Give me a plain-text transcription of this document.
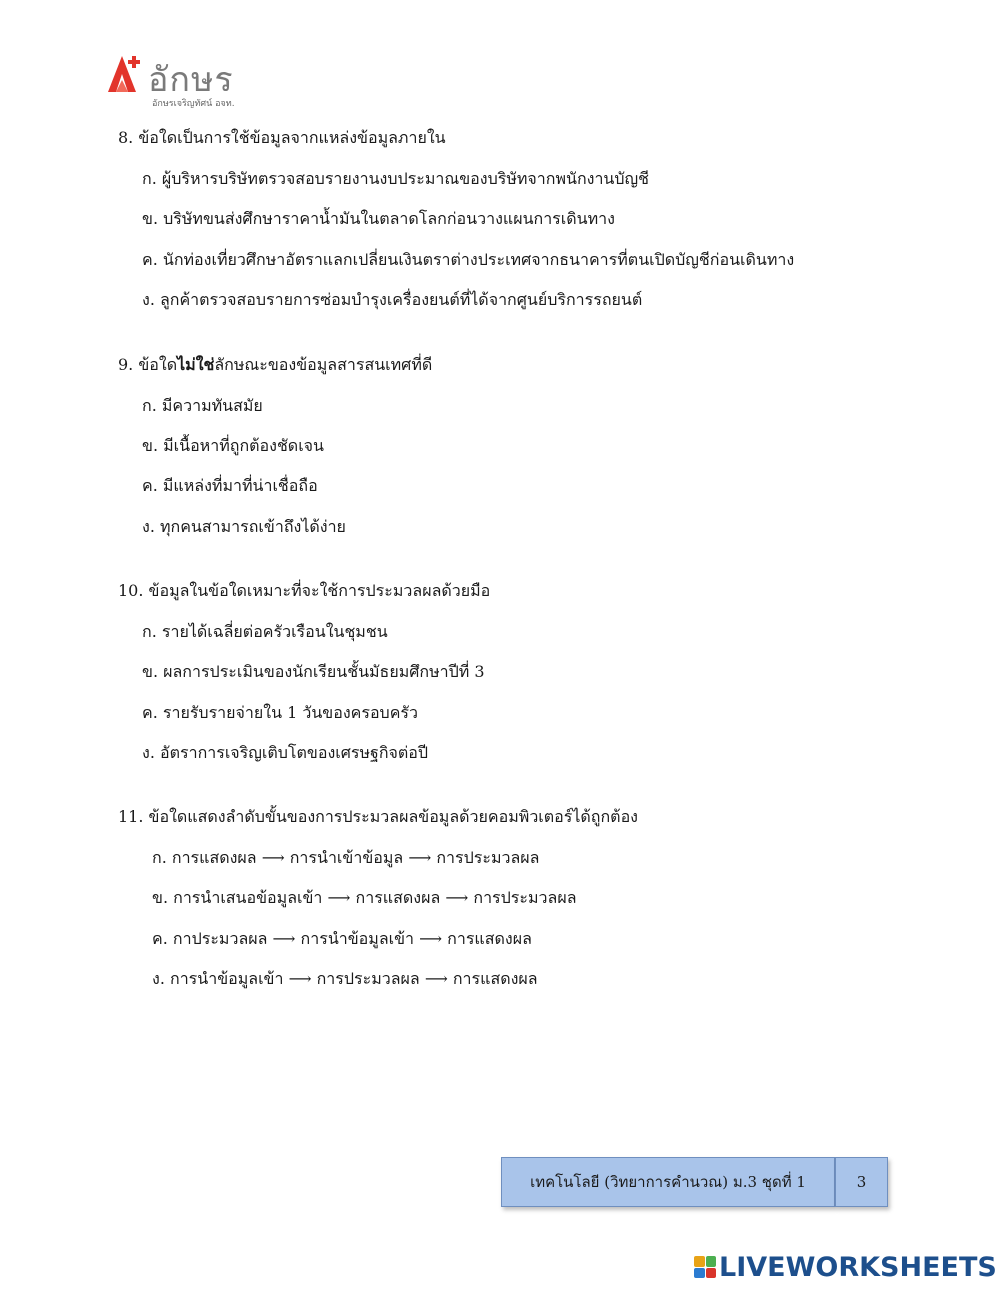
อักษร
อักษรเจริญทัศน์ อจท.
8. ข้อใดเป็นการใช้ข้อมูลจากแหล่งข้อมูลภายใน
ก. ผู้บริหารบริษัทตรวจสอบรายงานงบประมาณของบริษัทจากพนักงานบัญชี
ข. บริษัทขนส่งศึกษาราคาน้ำมันในตลาดโลกก่อนวางแผนการเดินทาง
ค. นักท่องเที่ยวศึกษาอัตราแลกเปลี่ยนเงินตราต่างประเทศจากธนาคารที่ตนเปิดบัญชีก่อนเดินทาง
ง. ลูกค้าตรวจสอบรายการซ่อมบำรุงเครื่องยนต์ที่ได้จากศูนย์บริการรถยนต์
9. ข้อใดไม่ใช่ลักษณะของข้อมูลสารสนเทศที่ดี
ก. มีความทันสมัย
ข. มีเนื้อหาที่ถูกต้องชัดเจน
ค. มีแหล่งที่มาที่น่าเชื่อถือ
ง. ทุกคนสามารถเข้าถึงได้ง่าย
10. ข้อมูลในข้อใดเหมาะที่จะใช้การประมวลผลด้วยมือ
ก. รายได้เฉลี่ยต่อครัวเรือนในชุมชน
ข. ผลการประเมินของนักเรียนชั้นมัธยมศึกษาปีที่ 3
ค. รายรับรายจ่ายใน 1 วันของครอบครัว
ง. อัตราการเจริญเติบโตของเศรษฐกิจต่อปี
11. ข้อใดแสดงลำดับขั้นของการประมวลผลข้อมูลด้วยคอมพิวเตอร์ได้ถูกต้อง
ก. การแสดงผล ⟶ การนำเข้าข้อมูล ⟶ การประมวลผล
ข. การนำเสนอข้อมูลเข้า ⟶ การแสดงผล ⟶ การประมวลผล
ค. กาประมวลผล ⟶ การนำข้อมูลเข้า ⟶ การแสดงผล
ง. การนำข้อมูลเข้า ⟶ การประมวลผล ⟶ การแสดงผล
เทคโนโลยี (วิทยาการคำนวณ) ม.3 ชุดที่ 1	3
LIVEWORKSHEETS
